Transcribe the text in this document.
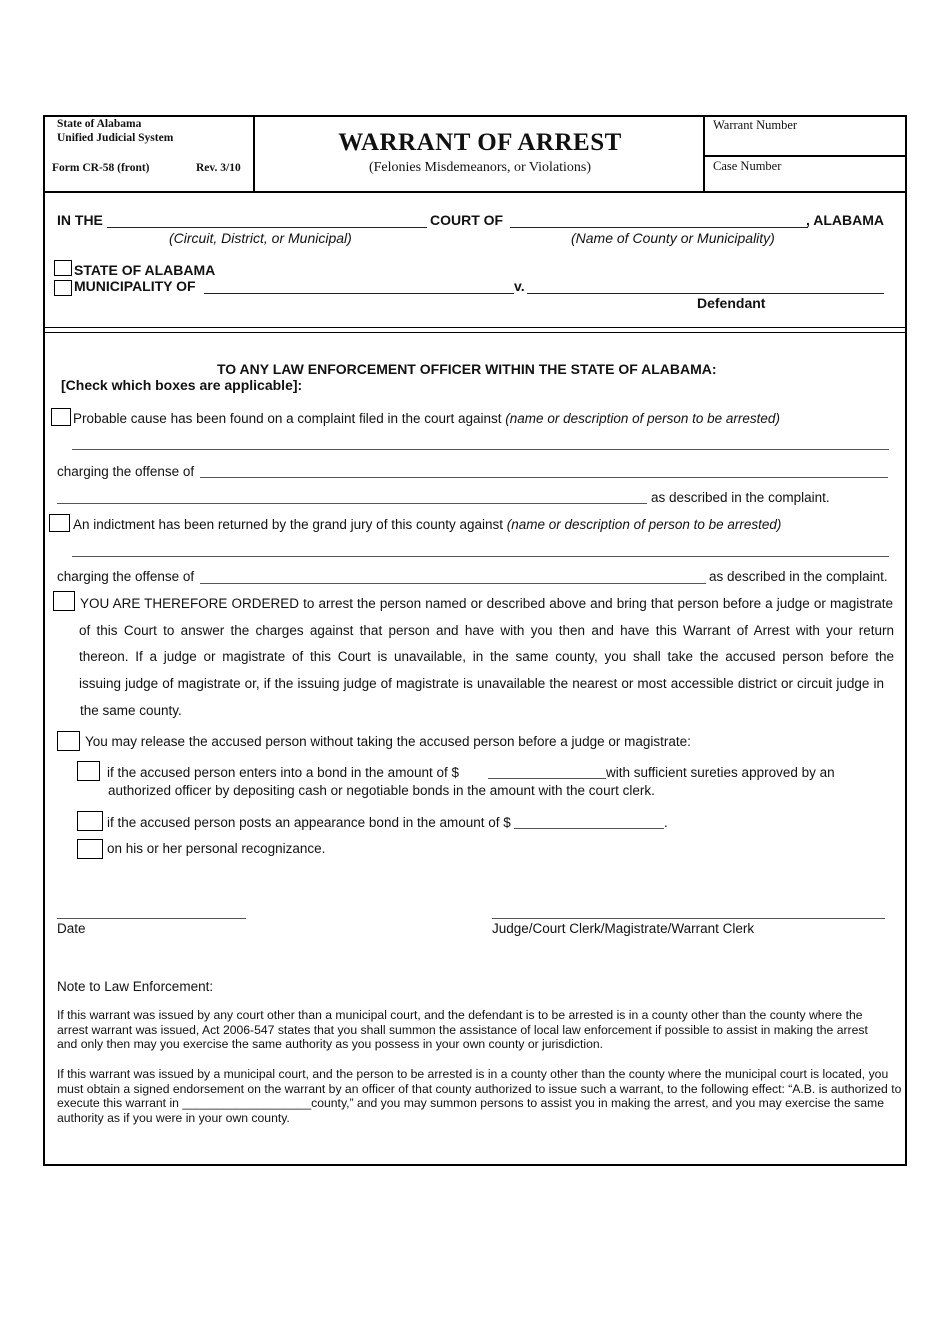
State of Alabama
Unified Judicial System
Form CR-58 (front)	Rev. 3/10
WARRANT OF ARREST
(Felonies Misdemeanors, or Violations)
Warrant Number
Case Number
IN THE	COURT OF	, ALABAMA
(Circuit, District, or Municipal)	(Name of County or Municipality)
STATE OF ALABAMA
MUNICIPALITY OF	v.
Defendant
TO ANY LAW ENFORCEMENT OFFICER WITHIN THE STATE OF ALABAMA:
[Check which boxes are applicable]:
Probable cause has been found on a complaint filed in the court against (name or description of person to be arrested)
charging the offense of
as described in the complaint.
An indictment has been returned by the grand jury of this county against (name or description of person to be arrested)
charging the offense of	as described in the complaint.
YOU ARE THEREFORE ORDERED to arrest the person named or described above and bring that person before a judge or magistrate
of this Court to answer the charges against that person and have with you then and have this Warrant of Arrest with your return
thereon. If a judge or magistrate of this Court is unavailable, in the same county, you shall take the accused person before the
issuing judge of magistrate or, if the issuing judge of magistrate is unavailable the nearest or most accessible district or circuit judge in
the same county.
You may release the accused person without taking the accused person before a judge or magistrate:
if the accused person enters into a bond in the amount of $	with sufficient sureties approved by an
authorized officer by depositing cash or negotiable bonds in the amount with the court clerk.
if the accused person posts an appearance bond in the amount of $	.
on his or her personal recognizance.
Date	Judge/Court Clerk/Magistrate/Warrant Clerk
Note to Law Enforcement:
If this warrant was issued by any court other than a municipal court, and the defendant is to be arrested is in a county other than the county where the arrest warrant was issued, Act 2006-547 states that you shall summon the assistance of local law enforcement if possible to assist in making the arrest and only then may you exercise the same authority as you possess in your own county or jurisdiction.
If this warrant was issued by a municipal court, and the person to be arrested is in a county other than the county where the municipal court is located, you must obtain a signed endorsement on the warrant by an officer of that county authorized to issue such a warrant, to the following effect: “A.B. is authorized to execute this warrant in ___________________county,” and you may summon persons to assist you in making the arrest, and you may exercise the same authority as if you were in your own county.
